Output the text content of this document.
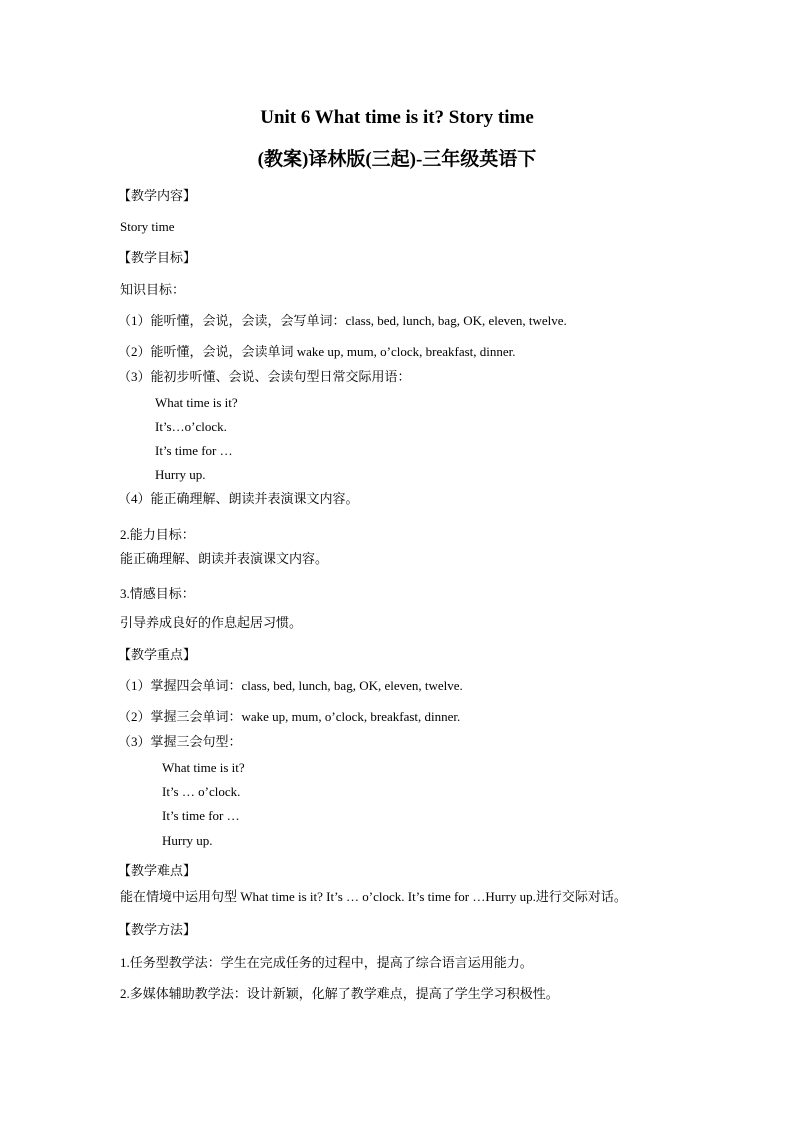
Unit 6 What time is it? Story time
(教案)译林版(三起)-三年级英语下
【教学内容】
Story time
【教学目标】
知识目标：
（1）能听懂，会说，会读，会写单词：class, bed, lunch, bag, OK, eleven, twelve.
（2）能听懂，会说，会读单词 wake up, mum, o’clock, breakfast, dinner.
（3）能初步听懂、会说、会读句型日常交际用语：
What time is it?
It’s…o’clock.
It’s time for …
Hurry up.
（4）能正确理解、朗读并表演课文内容。
2.能力目标：
能正确理解、朗读并表演课文内容。
3.情感目标：
引导养成良好的作息起居习惯。
【教学重点】
（1）掌握四会单词：class, bed, lunch, bag, OK, eleven, twelve.
（2）掌握三会单词：wake up, mum, o’clock, breakfast, dinner.
（3）掌握三会句型：
What time is it?
It’s … o’clock.
It’s time for …
Hurry up.
【教学难点】
能在情境中运用句型 What time is it? It’s … o’clock. It’s time for …Hurry up.进行交际对话。
【教学方法】
1.任务型教学法：学生在完成任务的过程中，提高了综合语言运用能力。
2.多媒体辅助教学法：设计新颖，化解了教学难点，提高了学生学习积极性。
